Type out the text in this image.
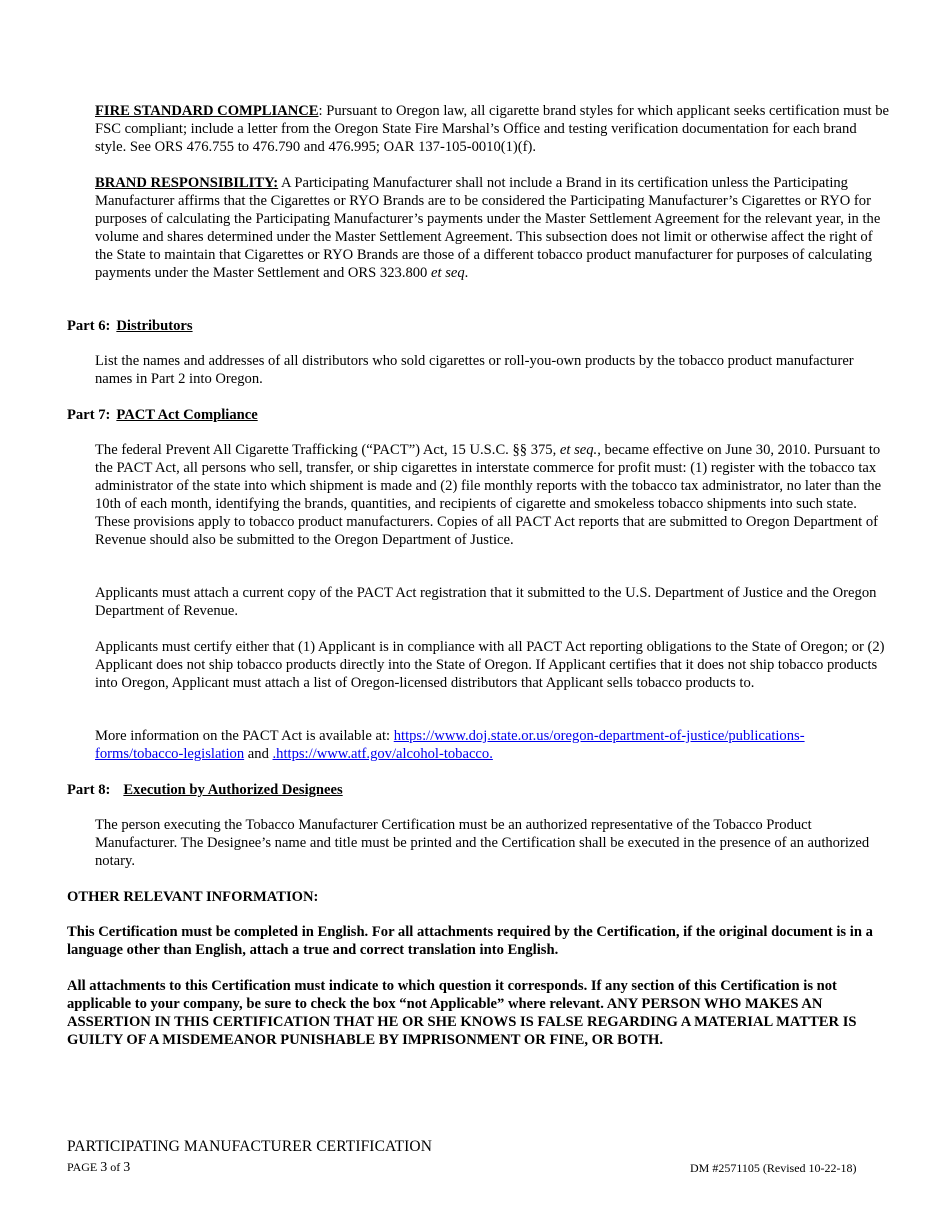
FIRE STANDARD COMPLIANCE: Pursuant to Oregon law, all cigarette brand styles for which applicant seeks certification must be FSC compliant; include a letter from the Oregon State Fire Marshal’s Office and testing verification documentation for each brand style. See ORS 476.755 to 476.790 and 476.995; OAR 137-105-0010(1)(f).

BRAND RESPONSIBILITY: A Participating Manufacturer shall not include a Brand in its certification unless the Participating Manufacturer affirms that the Cigarettes or RYO Brands are to be considered the Participating Manufacturer’s Cigarettes or RYO for purposes of calculating the Participating Manufacturer’s payments under the Master Settlement Agreement for the relevant year, in the volume and shares determined under the Master Settlement Agreement. This subsection does not limit or otherwise affect the right of the State to maintain that Cigarettes or RYO Brands are those of a different tobacco product manufacturer for purposes of calculating payments under the Master Settlement and ORS 323.800 et seq.

Part 6: Distributors

List the names and addresses of all distributors who sold cigarettes or roll-you-own products by the tobacco product manufacturer names in Part 2 into Oregon.

Part 7: PACT Act Compliance

The federal Prevent All Cigarette Trafficking (“PACT”) Act, 15 U.S.C. §§ 375, et seq., became effective on June 30, 2010. Pursuant to the PACT Act, all persons who sell, transfer, or ship cigarettes in interstate commerce for profit must: (1) register with the tobacco tax administrator of the state into which shipment is made and (2) file monthly reports with the tobacco tax administrator, no later than the 10th of each month, identifying the brands, quantities, and recipients of cigarette and smokeless tobacco shipments into such state. These provisions apply to tobacco product manufacturers. Copies of all PACT Act reports that are submitted to Oregon Department of Revenue should also be submitted to the Oregon Department of Justice.

Applicants must attach a current copy of the PACT Act registration that it submitted to the U.S. Department of Justice and the Oregon Department of Revenue.

Applicants must certify either that (1) Applicant is in compliance with all PACT Act reporting obligations to the State of Oregon; or (2) Applicant does not ship tobacco products directly into the State of Oregon. If Applicant certifies that it does not ship tobacco products into Oregon, Applicant must attach a list of Oregon-licensed distributors that Applicant sells tobacco products to.

More information on the PACT Act is available at: https://www.doj.state.or.us/oregon-department-of-justice/publications-forms/tobacco-legislation and .https://www.atf.gov/alcohol-tobacco.

Part 8: Execution by Authorized Designees

The person executing the Tobacco Manufacturer Certification must be an authorized representative of the Tobacco Product Manufacturer. The Designee’s name and title must be printed and the Certification shall be executed in the presence of an authorized notary.

OTHER RELEVANT INFORMATION:

This Certification must be completed in English. For all attachments required by the Certification, if the original document is in a language other than English, attach a true and correct translation into English.

All attachments to this Certification must indicate to which question it corresponds. If any section of this Certification is not applicable to your company, be sure to check the box “not Applicable” where relevant. ANY PERSON WHO MAKES AN ASSERTION IN THIS CERTIFICATION THAT HE OR SHE KNOWS IS FALSE REGARDING A MATERIAL MATTER IS GUILTY OF A MISDEMEANOR PUNISHABLE BY IMPRISONMENT OR FINE, OR BOTH.

PARTICIPATING MANUFACTURER CERTIFICATION
PAGE 3 of 3	DM #2571105 (Revised 10-22-18)
